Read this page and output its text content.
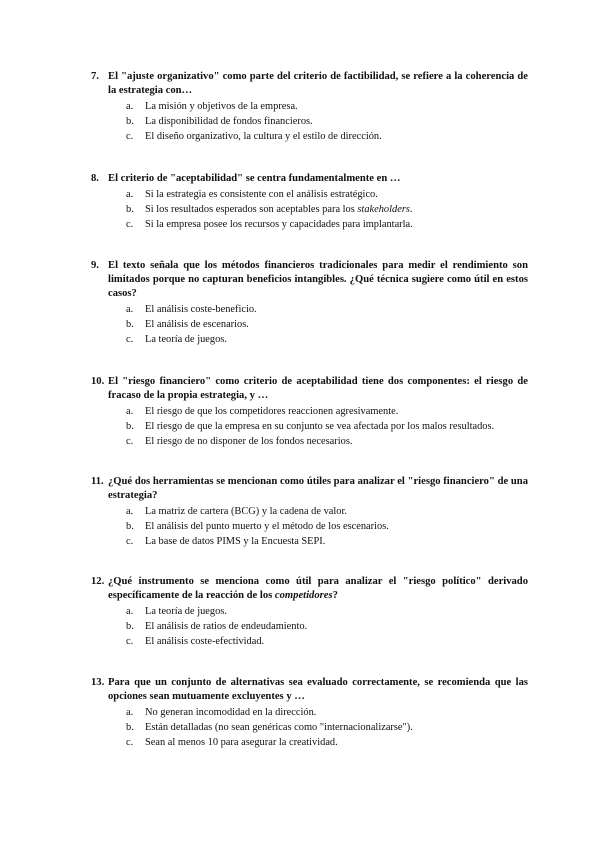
7. El "ajuste organizativo" como parte del criterio de factibilidad, se refiere a la coherencia de la estrategia con…
a.	La misión y objetivos de la empresa.
b.	La disponibilidad de fondos financieros.
c.	El diseño organizativo, la cultura y el estilo de dirección.
8. El criterio de "aceptabilidad" se centra fundamentalmente en …
a.	Si la estrategia es consistente con el análisis estratégico.
b.	Si los resultados esperados son aceptables para los stakeholders.
c.	Si la empresa posee los recursos y capacidades para implantarla.
9. El texto señala que los métodos financieros tradicionales para medir el rendimiento son limitados porque no capturan beneficios intangibles. ¿Qué técnica sugiere como útil en estos casos?
a.	El análisis coste-beneficio.
b.	El análisis de escenarios.
c.	La teoría de juegos.
10. El "riesgo financiero" como criterio de aceptabilidad tiene dos componentes: el riesgo de fracaso de la propia estrategia, y …
a.	El riesgo de que los competidores reaccionen agresivamente.
b.	El riesgo de que la empresa en su conjunto se vea afectada por los malos resultados.
c.	El riesgo de no disponer de los fondos necesarios.
11. ¿Qué dos herramientas se mencionan como útiles para analizar el "riesgo financiero" de una estrategia?
a.	La matriz de cartera (BCG) y la cadena de valor.
b.	El análisis del punto muerto y el método de los escenarios.
c.	La base de datos PIMS y la Encuesta SEPI.
12. ¿Qué instrumento se menciona como útil para analizar el "riesgo político" derivado específicamente de la reacción de los competidores?
a.	La teoría de juegos.
b.	El análisis de ratios de endeudamiento.
c.	El análisis coste-efectividad.
13. Para que un conjunto de alternativas sea evaluado correctamente, se recomienda que las opciones sean mutuamente excluyentes y …
a.	No generan incomodidad en la dirección.
b.	Están detalladas (no sean genéricas como "internacionalizarse").
c.	Sean al menos 10 para asegurar la creatividad.
